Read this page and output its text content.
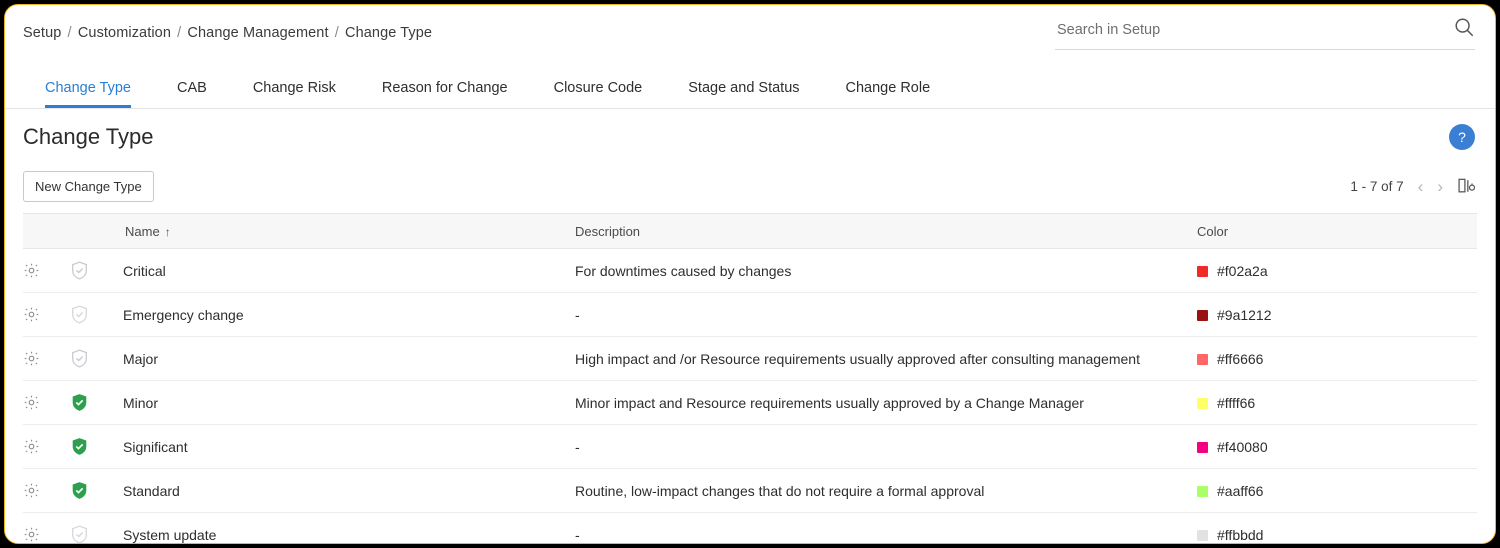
Setup / Customization / Change Management / Change Type
Search in Setup
Change Type	CAB	Change Risk	Reason for Change	Closure Code	Stage and Status	Change Role
Change Type	?
New Change Type	1 - 7 of 7 ‹ ›
		Name ↑	Description	Color

	Critical	For downtimes caused by changes	#f02a2a

	Emergency change	-	#9a1212

	Major	High impact and /or Resource requirements usually approved after consulting management	#ff6666

	Minor	Minor impact and Resource requirements usually approved by a Change Manager	#ffff66

	Significant	-	#f40080

	Standard	Routine, low-impact changes that do not require a formal approval	#aaff66

	System update	-	#ffbbdd
